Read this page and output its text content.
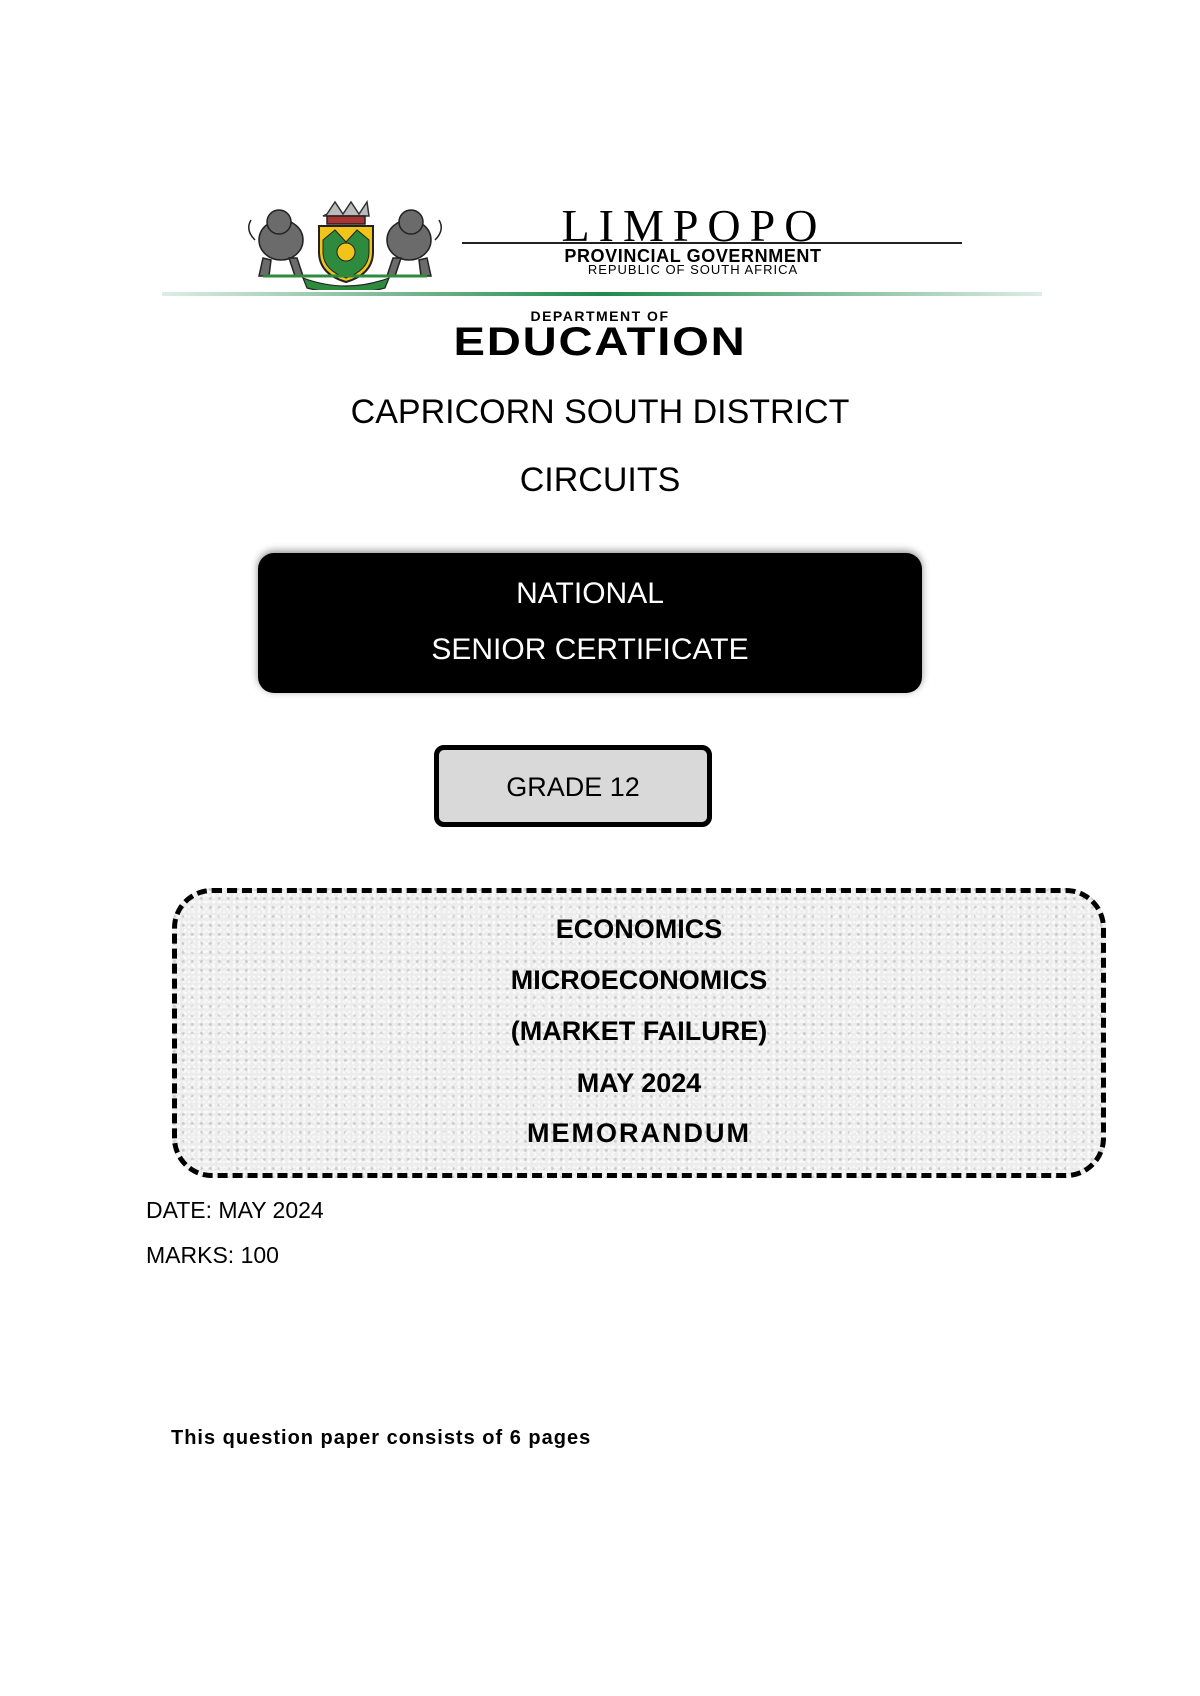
LIMPOPO
PROVINCIAL GOVERNMENT
REPUBLIC OF SOUTH AFRICA
DEPARTMENT OF
EDUCATION
CAPRICORN SOUTH DISTRICT
CIRCUITS
NATIONAL
SENIOR CERTIFICATE
GRADE 12
ECONOMICS
MICROECONOMICS
(MARKET FAILURE)
MAY 2024
MEMORANDUM
DATE: MAY 2024
MARKS: 100
This question paper consists of 6 pages
